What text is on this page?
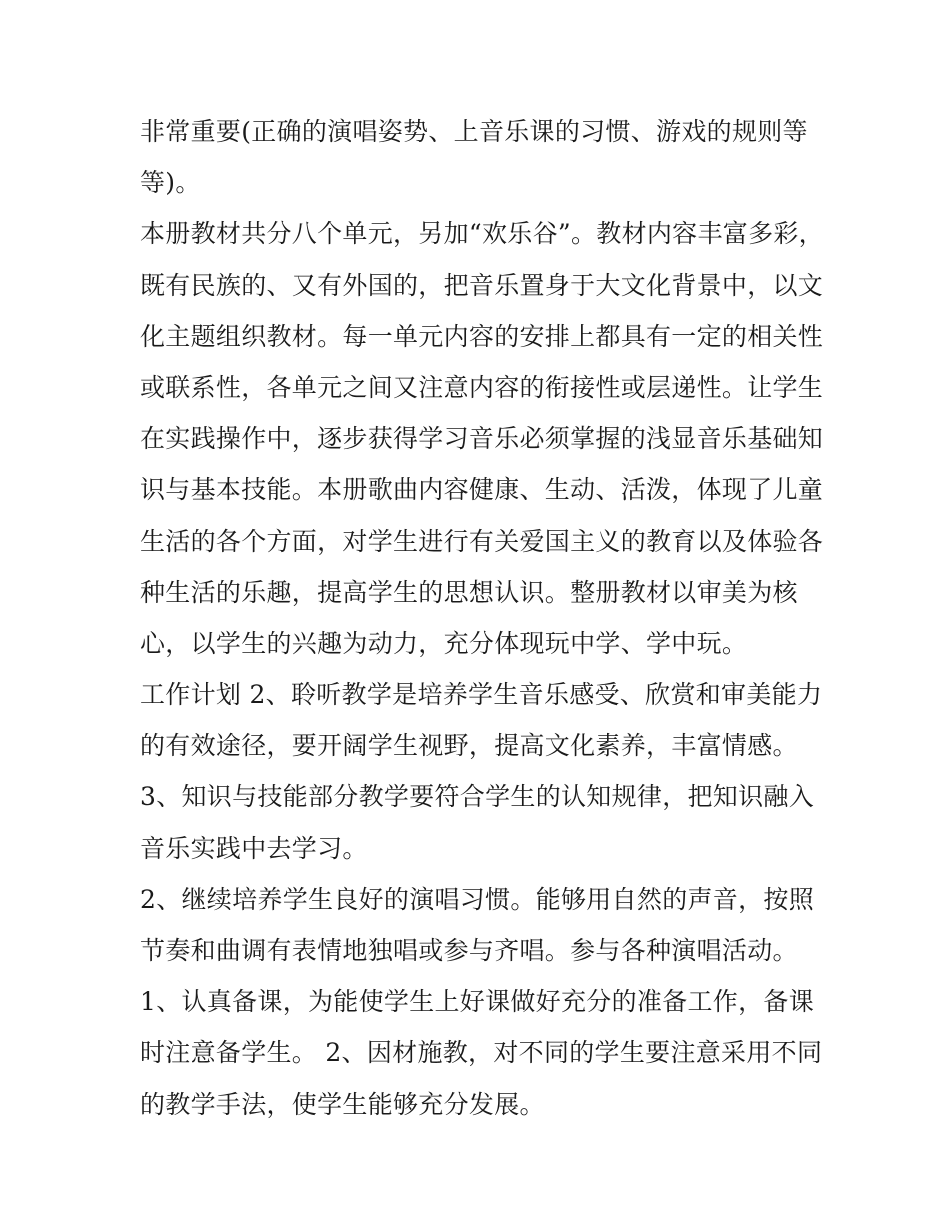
非常重要(正确的演唱姿势、上音乐课的习惯、游戏的规则等
等)。
本册教材共分八个单元，另加“欢乐谷”。教材内容丰富多彩，
既有民族的、又有外国的，把音乐置身于大文化背景中，以文
化主题组织教材。每一单元内容的安排上都具有一定的相关性
或联系性，各单元之间又注意内容的衔接性或层递性。让学生
在实践操作中，逐步获得学习音乐必须掌握的浅显音乐基础知
识与基本技能。本册歌曲内容健康、生动、活泼，体现了儿童
生活的各个方面，对学生进行有关爱国主义的教育以及体验各
种生活的乐趣，提高学生的思想认识。整册教材以审美为核
心，以学生的兴趣为动力，充分体现玩中学、学中玩。
工作计划 2、聆听教学是培养学生音乐感受、欣赏和审美能力
的有效途径，要开阔学生视野，提高文化素养，丰富情感。
3、知识与技能部分教学要符合学生的认知规律，把知识融入
音乐实践中去学习。
2、继续培养学生良好的演唱习惯。能够用自然的声音，按照
节奏和曲调有表情地独唱或参与齐唱。参与各种演唱活动。
1、认真备课，为能使学生上好课做好充分的准备工作，备课
时注意备学生。 2、因材施教，对不同的学生要注意采用不同
的教学手法，使学生能够充分发展。
